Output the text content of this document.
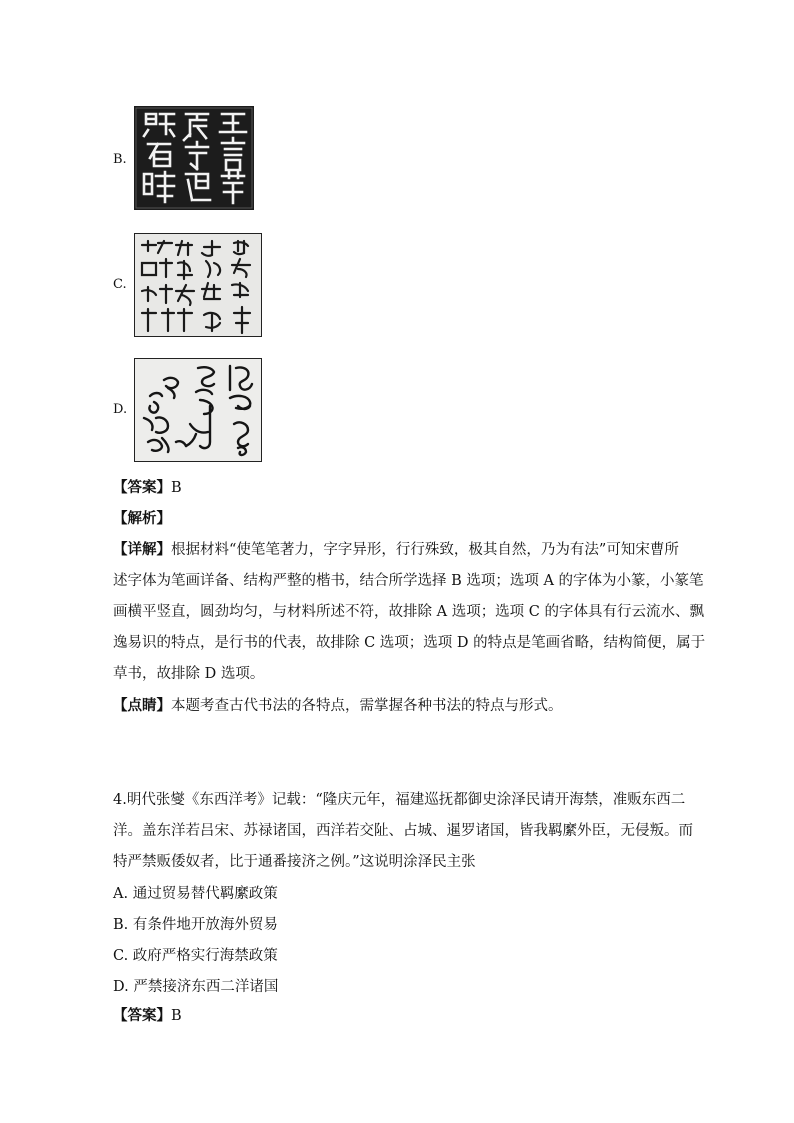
B.
C.
D.
【答案】B
【解析】
【详解】根据材料“使笔笔著力，字字异形，行行殊致，极其自然，乃为有法”可知宋曹所
述字体为笔画详备、结构严整的楷书，结合所学选择 B 选项；选项 A 的字体为小篆，小篆笔
画横平竖直，圆劲均匀，与材料所述不符，故排除 A 选项；选项 C 的字体具有行云流水、飘
逸易识的特点，是行书的代表，故排除 C 选项；选项 D 的特点是笔画省略，结构简便，属于
草书，故排除 D 选项。
【点睛】本题考查古代书法的各特点，需掌握各种书法的特点与形式。
4.明代张燮《东西洋考》记载：“隆庆元年，福建巡抚都御史涂泽民请开海禁，准贩东西二
洋。盖东洋若吕宋、苏禄诸国，西洋若交阯、占城、暹罗诸国，皆我羁縻外臣，无侵叛。而
特严禁贩倭奴者，比于通番接济之例。”这说明涂泽民主张
A. 通过贸易替代羁縻政策
B. 有条件地开放海外贸易
C. 政府严格实行海禁政策
D. 严禁接济东西二洋诸国
【答案】B
